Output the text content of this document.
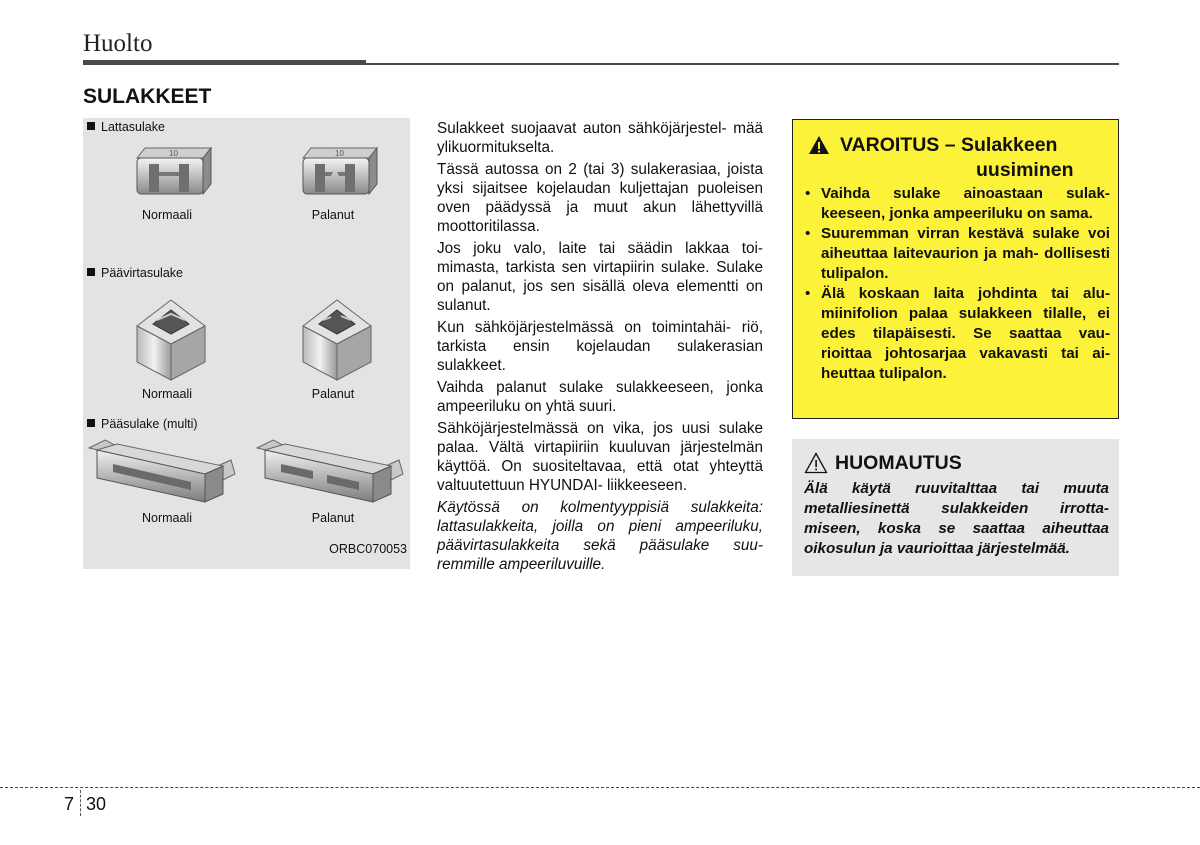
Huolto
SULAKKEET
Lattasulake
10	10
Normaali	Palanut
Päävirtasulake
Normaali	Palanut
Pääsulake (multi)
Normaali	Palanut
ORBC070053

Sulakkeet suojaavat auton sähköjärjestel- mää ylikuormitukselta.

Tässä autossa on 2 (tai 3) sulakerasiaa, joista yksi sijaitsee kojelaudan kuljettajan puoleisen oven päädyssä ja muut akun lähettyvillä moottoritilassa.

Jos joku valo, laite tai säädin lakkaa toi- mimasta, tarkista sen virtapiirin sulake. Sulake on palanut, jos sen sisällä oleva elementti on sulanut.

Kun sähköjärjestelmässä on toimintahäi- riö, tarkista ensin kojelaudan sulakerasian sulakkeet.

Vaihda palanut sulake sulakkeeseen, jonka ampeeriluku on yhtä suuri.

Sähköjärjestelmässä on vika, jos uusi sulake palaa. Vältä virtapiiriin kuuluvan järjestelmän käyttöä. On suositeltavaa, että otat yhteyttä valtuutettuun HYUNDAI- liikkeeseen.

Käytössä on kolmentyyppisiä sulakkeita: lattasulakkeita, joilla on pieni ampeeriluku, päävirtasulakkeita sekä pääsulake suu- remmille ampeeriluvuille.

VAROITUS – Sulakkeen
uusiminen
• Vaihda sulake ainoastaan sulak- keeseen, jonka ampeeriluku on sama.
• Suuremman virran kestävä sulake voi aiheuttaa laitevaurion ja mah- dollisesti tulipalon.
• Älä koskaan laita johdinta tai alu- miinifolion palaa sulakkeen tilalle, ei edes tilapäisesti. Se saattaa vau- rioittaa johtosarjaa vakavasti tai ai- heuttaa tulipalon.
HUOMAUTUS
Älä käytä ruuvitalttaa tai muuta metalliesinettä sulakkeiden irrotta- miseen, koska se saattaa aiheuttaa oikosulun ja vaurioittaa järjestelmää.
7 30
